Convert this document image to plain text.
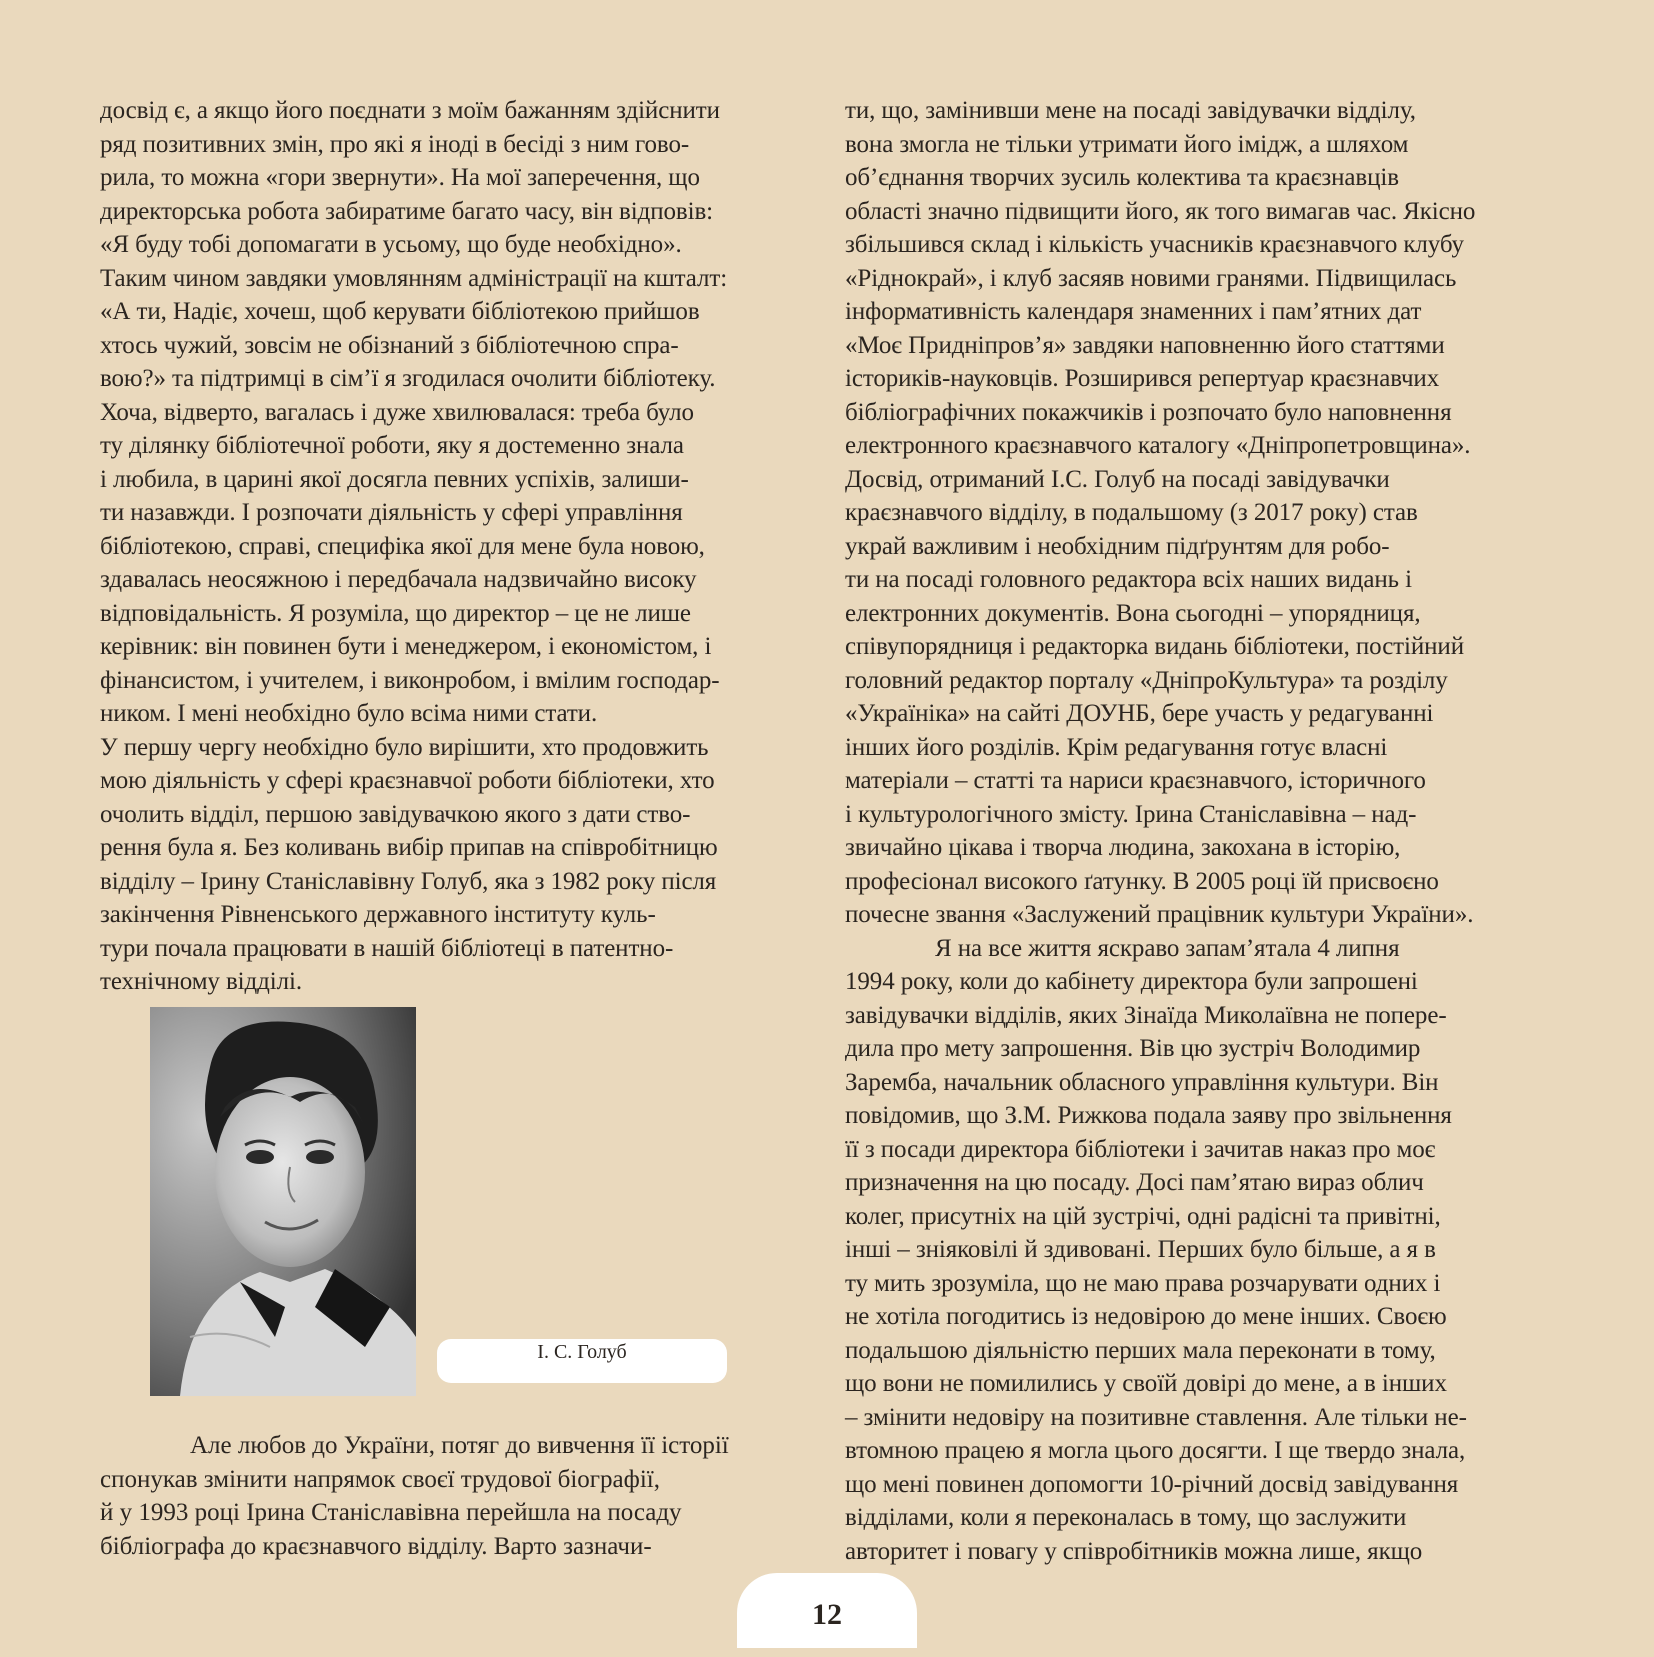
досвід є, а якщо його поєднати з моїм бажанням здійснити
ряд позитивних змін, про які я іноді в бесіді з ним гово-
рила, то можна «гори звернути». На мої заперечення, що
директорська робота забиратиме багато часу, він відповів:
«Я буду тобі допомагати в усьому, що буде необхідно».
Таким чином завдяки умовлянням адміністрації на кшталт:
«А ти, Надіє, хочеш, щоб керувати бібліотекою прийшов
хтось чужий, зовсім не обізнаний з бібліотечною спра-
вою?» та підтримці в сім’ї я згодилася очолити бібліотеку.
Хоча, відверто, вагалась і дуже хвилювалася: треба було
ту ділянку бібліотечної роботи, яку я достеменно знала
і любила, в царині якої досягла певних успіхів, залиши-
ти назавжди. І розпочати діяльність у сфері управління
бібліотекою, справі, специфіка якої для мене була новою,
здавалась неосяжною і передбачала надзвичайно високу
відповідальність. Я розуміла, що директор – це не лише
керівник: він повинен бути і менеджером, і економістом, і
фінансистом, і учителем, і виконробом, і вмілим господар-
ником. І мені необхідно було всіма ними стати.
У першу чергу необхідно було вирішити, хто продовжить
мою діяльність у сфері краєзнавчої роботи бібліотеки, хто
очолить відділ, першою завідувачкою якого з дати ство-
рення була я. Без коливань вибір припав на співробітницю
відділу – Ірину Станіславівну Голуб, яка з 1982 року після
закінчення Рівненського державного інституту куль-
тури почала працювати в нашій бібліотеці в патентно-
технічному відділі.
І. С. Голуб
Але любов до України, потяг до вивчення її історії
спонукав змінити напрямок своєї трудової біографії,
й у 1993 році Ірина Станіславівна перейшла на посаду
бібліографа до краєзнавчого відділу. Варто зазначи-
ти, що, замінивши мене на посаді завідувачки відділу,
вона змогла не тільки утримати його імідж, а шляхом
об’єднання творчих зусиль колектива та краєзнавців
області значно підвищити його, як того вимагав час. Якісно
збільшився склад і кількість учасників краєзнавчого клубу
«Ріднокрай», і клуб засяяв новими гранями. Підвищилась
інформативність календаря знаменних і пам’ятних дат
«Моє Придніпров’я» завдяки наповненню його статтями
істориків-науковців. Розширився репертуар краєзнавчих
бібліографічних покажчиків і розпочато було наповнення
електронного краєзнавчого каталогу «Дніпропетровщина».
Досвід, отриманий І.С. Голуб на посаді завідувачки
краєзнавчого відділу, в подальшому (з 2017 року) став
украй важливим і необхідним підґрунтям для робо-
ти на посаді головного редактора всіх наших видань і
електронних документів. Вона сьогодні – упорядниця,
співупорядниця і редакторка видань бібліотеки, постійний
головний редактор порталу «ДніпроКультура» та розділу
«Україніка» на сайті ДОУНБ, бере участь у редагуванні
інших його розділів. Крім редагування готує власні
матеріали – статті та нариси краєзнавчого, історичного
і культурологічного змісту. Ірина Станіславівна – над-
звичайно цікава і творча людина, закохана в історію,
професіонал високого ґатунку. В 2005 році їй присвоєно
почесне звання «Заслужений працівник культури України».
Я на все життя яскраво запам’ятала 4 липня
1994 року, коли до кабінету директора були запрошені
завідувачки відділів, яких Зінаїда Миколаївна не попере-
дила про мету запрошення. Вів цю зустріч Володимир
Заремба, начальник обласного управління культури. Він
повідомив, що З.М. Рижкова подала заяву про звільнення
її з посади директора бібліотеки і зачитав наказ про моє
призначення на цю посаду. Досі пам’ятаю вираз облич
колег, присутніх на цій зустрічі, одні радісні та привітні,
інші – зніяковілі й здивовані. Перших було більше, а я в
ту мить зрозуміла, що не маю права розчарувати одних і
не хотіла погодитись із недовірою до мене інших. Своєю
подальшою діяльністю перших мала переконати в тому,
що вони не помилились у своїй довірі до мене, а в інших
– змінити недовіру на позитивне ставлення. Але тільки не-
втомною працею я могла цього досягти. І ще твердо знала,
що мені повинен допомогти 10-річний досвід завідування
відділами, коли я переконалась в тому, що заслужити
авторитет і повагу у співробітників можна лише, якщо
12
